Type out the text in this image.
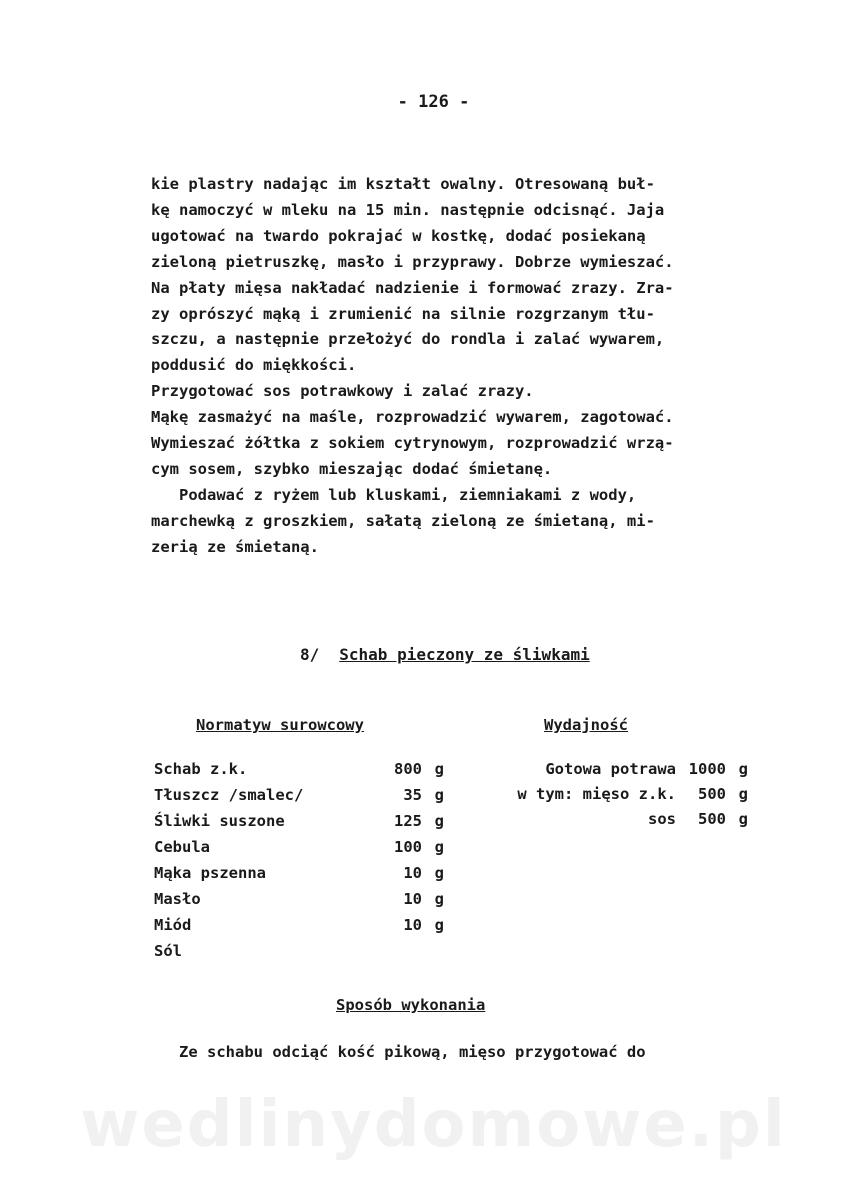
wedlinydomowe.pl
- 126 -
kie plastry nadając im kształt owalny. Otresowaną buł-
kę namoczyć w mleku na 15 min. następnie odcisnąć. Jaja
ugotować na twardo pokrajać w kostkę, dodać posiekaną
zieloną pietruszkę, masło i przyprawy. Dobrze wymieszać.
Na płaty mięsa nakładać nadzienie i formować zrazy. Zra-
zy oprószyć mąką i zrumienić na silnie rozgrzanym tłu-
szczu, a następnie przełożyć do rondla i zalać wywarem,
poddusić do miękkości.
Przygotować sos potrawkowy i zalać zrazy.
Mąkę zasmażyć na maśle, rozprowadzić wywarem, zagotować.
Wymieszać żółtka z sokiem cytrynowym, rozprowadzić wrzą-
cym sosem, szybko mieszając dodać śmietanę.
Podawać z ryżem lub kluskami, ziemniakami z wody,
marchewką z groszkiem, sałatą zieloną ze śmietaną, mi-
zerią ze śmietaną.
8/ Schab pieczony ze śliwkami
Normatyw surowcowy	Wydajność
Schab z.k.	800 g
Tłuszcz /smalec/	35 g
Śliwki suszone	125 g
Cebula	100 g
Mąka pszenna	10 g
Masło	10 g
Miód	10 g
Sól
Gotowa potrawa 1000 g
w tym: mięso z.k. 500 g
sos 500 g
Sposób wykonania
Ze schabu odciąć kość pikową, mięso przygotować do
